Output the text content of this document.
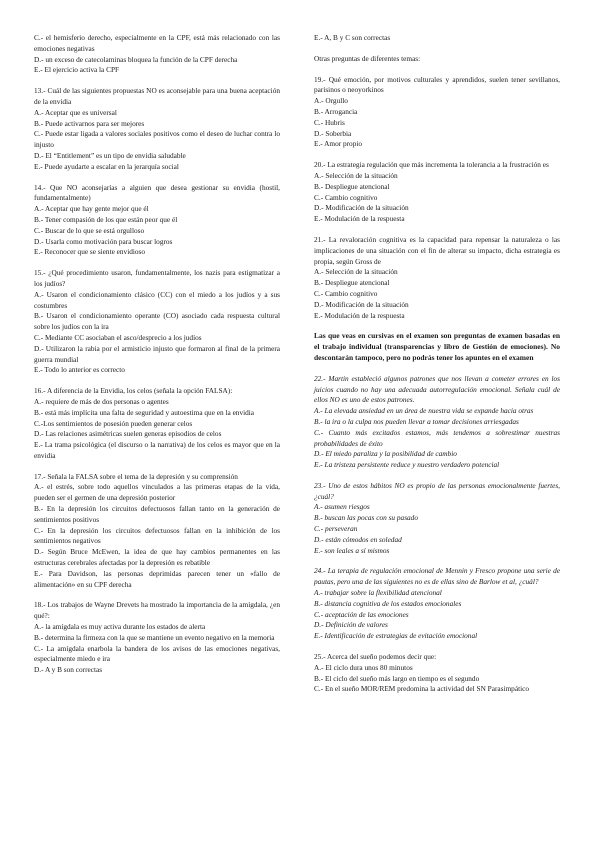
C.- el hemisferio derecho, especialmente en la CPF, está más relacionado con las emociones negativas

D.- un exceso de catecolaminas bloquea la función de la CPF derecha

E.- El ejercicio activa la CPF

13.- Cuál de las siguientes propuestas NO es aconsejable para una buena aceptación de la envidia

A.- Aceptar que es universal

B.- Puede activarnos para ser mejores

C.- Puede estar ligada a valores sociales positivos como el deseo de luchar contra lo injusto

D.- El “Entitlement” es un tipo de envidia saludable

E.- Puede ayudarte a escalar en la jerarquía social

14.- Que NO aconsejarías a alguien que desea gestionar su envidia (hostil, fundamentalmente)

A.- Aceptar que hay gente mejor que él

B.- Tener compasión de los que están peor que él

C.- Buscar de lo que se está orgulloso

D.- Usarla como motivación para buscar logros

E.- Reconocer que se siente envidioso

15.- ¿Qué procedimiento usaron, fundamentalmente, los nazis para estigmatizar a los judíos?

A.- Usaron el condicionamiento clásico (CC) con el miedo a los judíos y a sus costumbres

B.- Usaron el condicionamiento operante (CO) asociado cada respuesta cultural sobre los judíos con la ira

C.- Mediante CC asociaban el asco/desprecio a los judíos

D.- Utilizaron la rabia por el armisticio injusto que formaron al final de la primera guerra mundial

E.- Todo lo anterior es correcto

16.- A diferencia de la Envidia, los celos (señala la opción FALSA):

A.- requiere de más de dos personas o agentes

B.- está más implícita una falta de seguridad y autoestima que en la envidia

C.-Los sentimientos de posesión pueden generar celos

D.- Las relaciones asimétricas suelen generas episodios de celos

E.- La trama psicológica (el discurso o la narrativa) de los celos es mayor que en la envidia

17.- Señala la FALSA sobre el tema de la depresión y su comprensión

A.- el estrés, sobre todo aquellos vinculados a las primeras etapas de la vida, pueden ser el germen de una depresión posterior

B.- En la depresión los circuitos defectuosos fallan tanto en la generación de sentimientos positivos

C.- En la depresión los circuitos defectuosos fallan en la inhibición de los sentimientos negativos

D.- Según Bruce McEwen, la idea de que hay cambios permanentes en las estructuras cerebrales afectadas por la depresión es rebatible

E.- Para Davidson, las personas deprimidas parecen tener un «fallo de alimentación» en su CPF derecha

18.- Los trabajos de Wayne Drevets ha mostrado la importancia de la amígdala, ¿en qué?:

A.- la amígdala es muy activa durante los estados de alerta

B.- determina la firmeza con la que se mantiene un evento negativo en la memoria

C.- La amígdala enarbola la bandera de los avisos de las emociones negativas, especialmente miedo e ira

D.- A y B son correctas

E.- A, B y C son correctas

Otras preguntas de diferentes temas:

19.- Qué emoción, por motivos culturales y aprendidos, suelen tener sevillanos, parisinos o neoyorkinos

A.- Orgullo

B.- Arrogancia

C.- Hubris

D.- Soberbia

E.- Amor propio

20.- La estrategia regulación que más incrementa la tolerancia a la frustración es

A.- Selección de la situación

B.- Despliegue atencional

C.- Cambio cognitivo

D.- Modificación de la situación

E.- Modulación de la respuesta

21.- La revaloración cognitiva es la capacidad para repensar la naturaleza o las implicaciones de una situación con el fin de alterar su impacto, dicha estrategia es propia, según Gross de

A.- Selección de la situación

B.- Despliegue atencional

C.- Cambio cognitivo

D.- Modificación de la situación

E.- Modulación de la respuesta

Las que veas en cursivas en el examen son preguntas de examen basadas en el trabajo individual (transparencias y libro de Gestión de emociones). No descontarán tampoco, pero no podrás tener los apuntes en el examen

22.- Martin estableció algunos patrones que nos llevan a cometer errores en los juicios cuando no hay una adecuada autorregulación emocional. Señala cuál de ellos NO es uno de estos patrones.

A.- La elevada ansiedad en un área de nuestra vida se expande hacia otras

B.- la ira o la culpa nos pueden llevar a tomar decisiones arriesgadas

C.- Cuanto más excitados estamos, más tendemos a sobrestimar nuestras probabilidades de éxito

D.- El miedo paraliza y la posibilidad de cambio

E.- La tristeza persistente reduce y nuestro verdadero potencial

23.- Uno de estos hábitos NO es propio de las personas emocionalmente fuertes, ¿cuál?

A.- asumen riesgos

B.- buscan las pocas con su pasado

C.- perseveran

D.- están cómodos en soledad

E.- son leales a sí mismos

24.- La terapia de regulación emocional de Mennin y Fresco propone una serie de pautas, pero una de las siguientes no es de ellas sino de Barlow et al, ¿cuál?

A.- trabajar sobre la flexibilidad atencional

B.- distancia cognitiva de los estados emocionales

C.- aceptación de las emociones

D.- Definición de valores

E.- Identificación de estrategias de evitación emocional

25.- Acerca del sueño podemos decir que:

A.- El ciclo dura unos 80 minutos

B.- El ciclo del sueño más largo en tiempo es el segundo

C.- En el sueño MOR/REM predomina la actividad del SN Parasimpático
